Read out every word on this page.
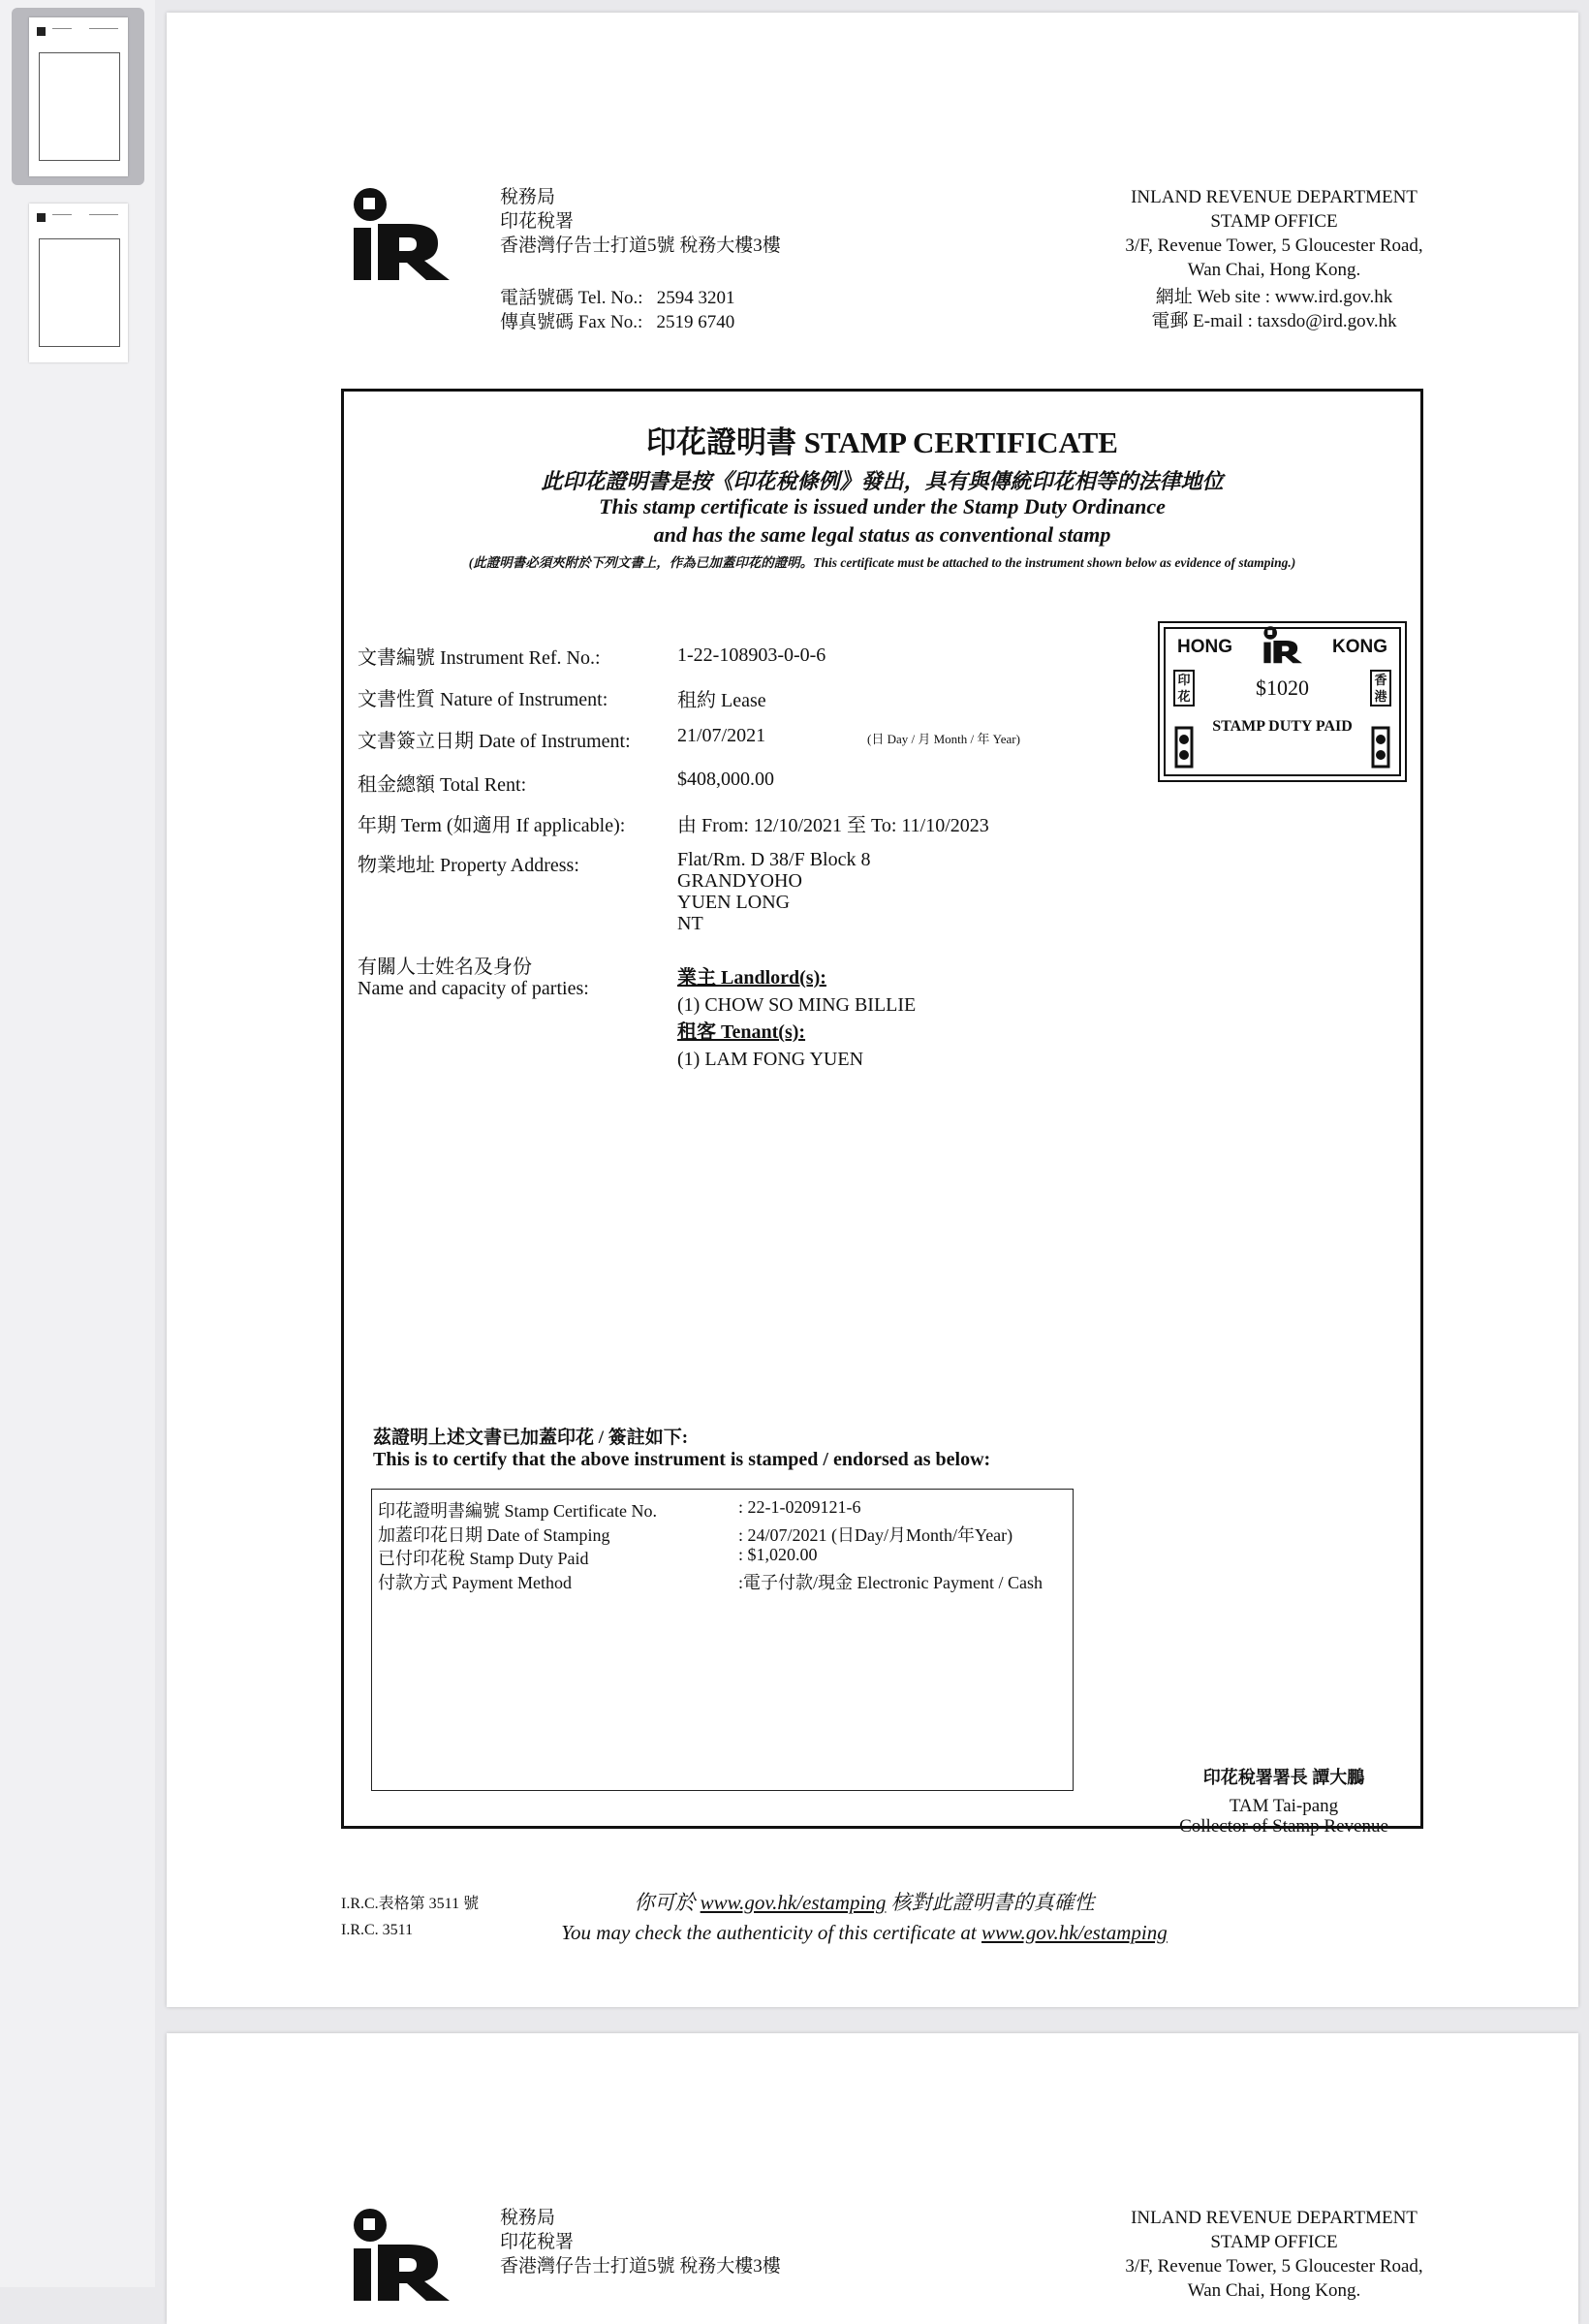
稅務局
印花稅署
香港灣仔告士打道5號 稅務大樓3樓
電話號碼 Tel. No.: 2594 3201
傳真號碼 Fax No.: 2519 6740
INLAND REVENUE DEPARTMENT
STAMP OFFICE
3/F, Revenue Tower, 5 Gloucester Road,
Wan Chai, Hong Kong.
網址 Web site : www.ird.gov.hk
電郵 E-mail : taxsdo@ird.gov.hk
印花證明書 STAMP CERTIFICATE
此印花證明書是按《印花稅條例》發出，具有與傳統印花相等的法律地位
This stamp certificate is issued under the Stamp Duty Ordinance
and has the same legal status as conventional stamp
(此證明書必須夾附於下列文書上，作為已加蓋印花的證明。This certificate must be attached to the instrument shown below as evidence of stamping.)
文書編號 Instrument Ref. No.:	1-22-108903-0-0-6
文書性質 Nature of Instrument:	租約 Lease
文書簽立日期 Date of Instrument: 21/07/2021	(日 Day / 月 Month / 年 Year)
租金總額 Total Rent:	$408,000.00
年期 Term (如適用 If applicable):	由 From: 12/10/2021 至 To: 11/10/2023
物業地址 Property Address:	Flat/Rm. D 38/F Block 8
GRANDYOHO
YUEN LONG
NT
有關人士姓名及身份
Name and capacity of parties:	業主 Landlord(s):
(1) CHOW SO MING BILLIE
租客 Tenant(s):
(1) LAM FONG YUEN
HONG	KONG
$1020
STAMP DUTY PAID
印花
香港
茲證明上述文書已加蓋印花 / 簽註如下:
This is to certify that the above instrument is stamped / endorsed as below:
印花證明書編號 Stamp Certificate No.	: 22-1-0209121-6
加蓋印花日期 Date of Stamping	: 24/07/2021 (日Day/月Month/年Year)
已付印花稅 Stamp Duty Paid	: $1,020.00
付款方式 Payment Method	:電子付款/現金 Electronic Payment / Cash
印花稅署署長 譚大鵬
TAM Tai-pang
Collector of Stamp Revenue
I.R.C.表格第 3511 號
I.R.C. 3511
你可於 www.gov.hk/estamping 核對此證明書的真確性
You may check the authenticity of this certificate at www.gov.hk/estamping
稅務局
印花稅署
香港灣仔告士打道5號 稅務大樓3樓
INLAND REVENUE DEPARTMENT
STAMP OFFICE
3/F, Revenue Tower, 5 Gloucester Road,
Wan Chai, Hong Kong.
